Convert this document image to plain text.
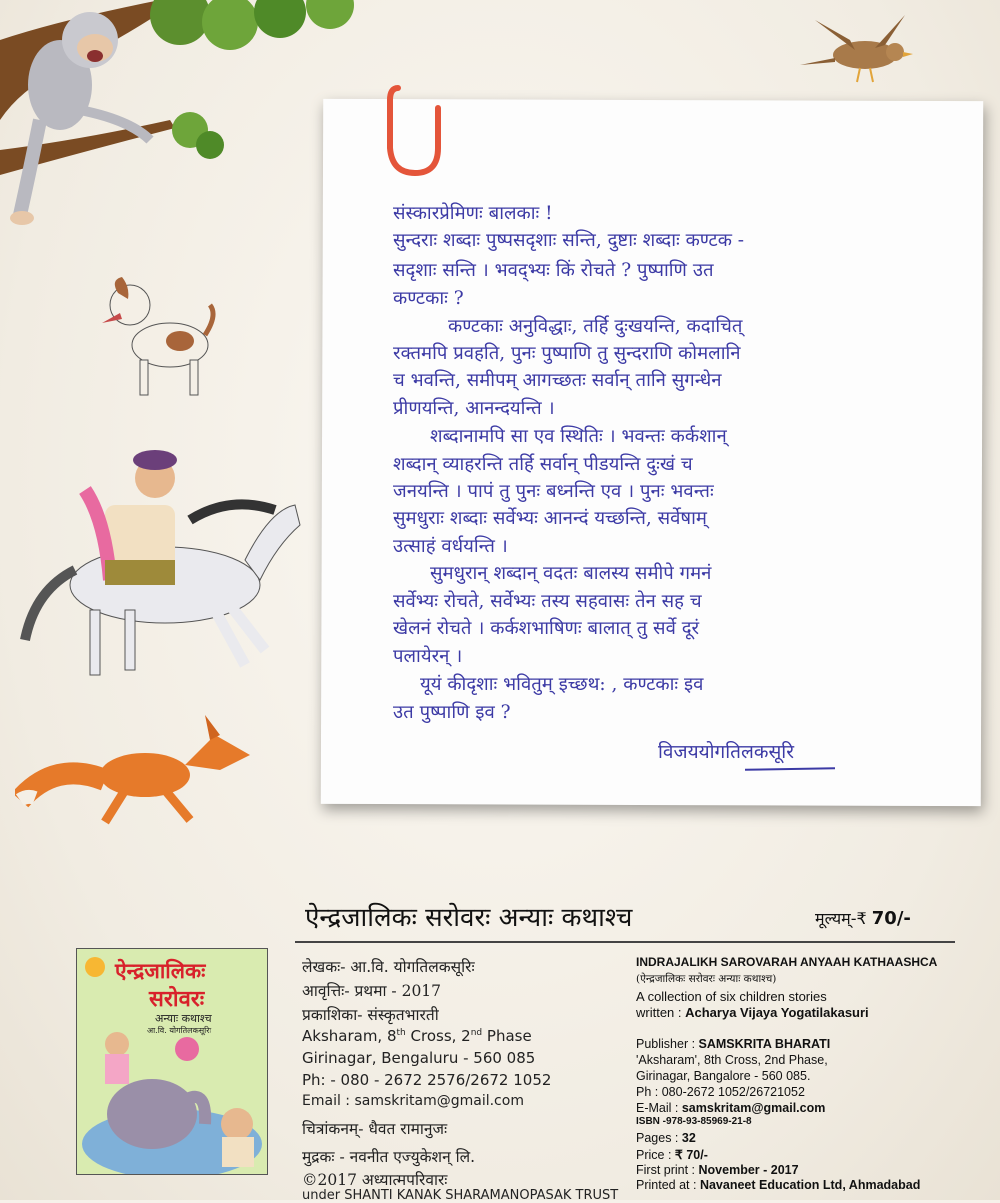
संस्कारप्रेमिणः बालकाः !
सुन्दराः शब्दाः पुष्पसदृशाः सन्ति, दुष्टाः शब्दाः कण्टक -
सदृशाः सन्ति । भवद्भ्यः किं रोचते ? पुष्पाणि उत
कण्टकाः ?
कण्टकाः अनुविद्धाः, तर्हि दुःखयन्ति, कदाचित्
रक्तमपि प्रवहति, पुनः पुष्पाणि तु सुन्दराणि कोमलानि
च भवन्ति, समीपम् आगच्छतः सर्वान् तानि सुगन्धेन
प्रीणयन्ति, आनन्दयन्ति ।
शब्दानामपि सा एव स्थितिः । भवन्तः कर्कशान्
शब्दान् व्याहरन्ति तर्हि सर्वान् पीडयन्ति दुःखं च
जनयन्ति । पापं तु पुनः बध्नन्ति एव । पुनः भवन्तः
सुमधुराः शब्दाः सर्वेभ्यः आनन्दं यच्छन्ति, सर्वेषाम्
उत्साहं वर्धयन्ति ।
सुमधुरान् शब्दान् वदतः बालस्य समीपे गमनं
सर्वेभ्यः रोचते, सर्वेभ्यः तस्य सहवासः तेन सह च
खेलनं रोचते । कर्कशभाषिणः बालात् तु सर्वे दूरं
पलायेरन् ।
यूयं कीदृशाः भवितुम् इच्छथ: , कण्टकाः इव
उत पुष्पाणि इव ?
विजययोगतिलकसूरि
ऐन्द्रजालिकः सरोवरः अन्याः कथाश्च	मूल्यम्-₹ 70/-
ऐन्द्रजालिकः
सरोवरः
अन्याः कथाश्च
आ.वि. योगतिलकसूरिः
लेखकः- आ.वि. योगतिलकसूरिः
आवृत्तिः- प्रथमा - 2017
प्रकाशिका- संस्कृतभारती
Aksharam, 8th Cross, 2nd Phase
Girinagar, Bengaluru - 560 085
Ph: - 080 - 2672 2576/2672 1052
Email : samskritam@gmail.com
चित्रांकनम्- धैवत रामानुजः
मुद्रकः - नवनीत एज्युकेशन् लि.
©2017 अध्यात्मपरिवारः
under SHANTI KANAK SHARAMANOPASAK TRUST
INDRAJALIKH SAROVARAH ANYAAH KATHAASHCA
(ऐन्द्रजालिकः सरोवरः अन्याः कथाश्च)
A collection of six children stories
written : Acharya Vijaya Yogatilakasuri
Publisher : SAMSKRITA BHARATI
'Aksharam', 8th Cross, 2nd Phase,
Girinagar, Bangalore - 560 085.
Ph : 080-2672 1052/26721052
E-Mail : samskritam@gmail.com
ISBN -978-93-85969-21-8
Pages : 32
Price : ₹ 70/-
First print : November - 2017
Printed at : Navaneet Education Ltd, Ahmadabad
